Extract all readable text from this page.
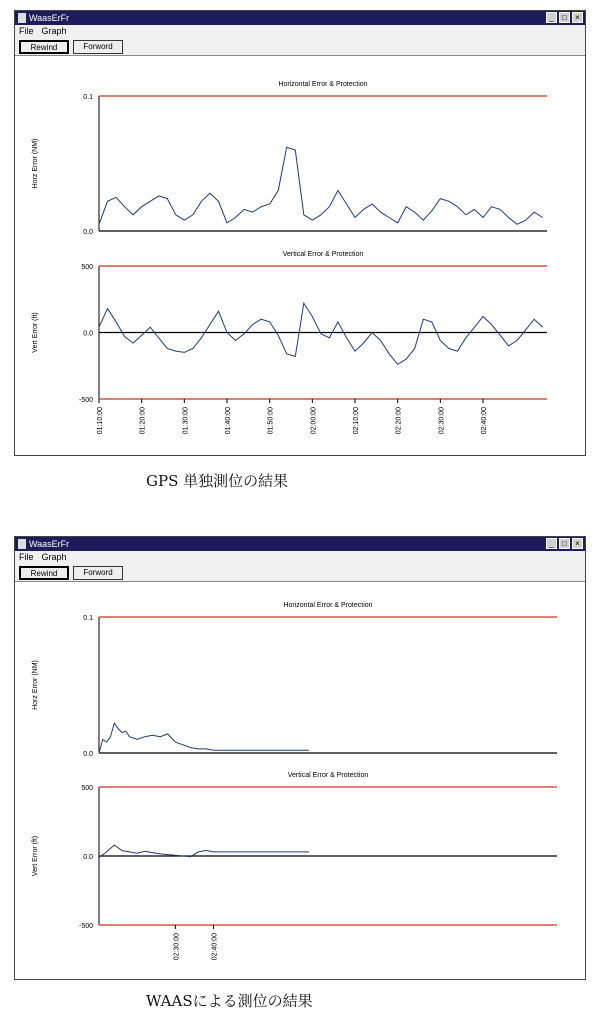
WaasErFr	_	□	×
File Graph
Rewind	Forword
Horizontal Error & Protection
Horz Error (NM)
0.1
0.0
Vertical Error & Protection
Vert Error (ft)
500
0.0
-500
01:10:00	01:20:00	01:30:00	01:40:00	01:50:00	02:00:00	02:10:00	02:20:00	02:30:00	02:40:00
GPS 単独測位の結果
WaasErFr	_	□	×
File Graph
Rewind	Forword
Horizontal Error & Protection
Horz Error (NM)
0.1
0.0
Vertical Error & Protection
Vert Error (ft)
500
0.0
-500
02:30:00	02:40:00
WAASによる測位の結果
